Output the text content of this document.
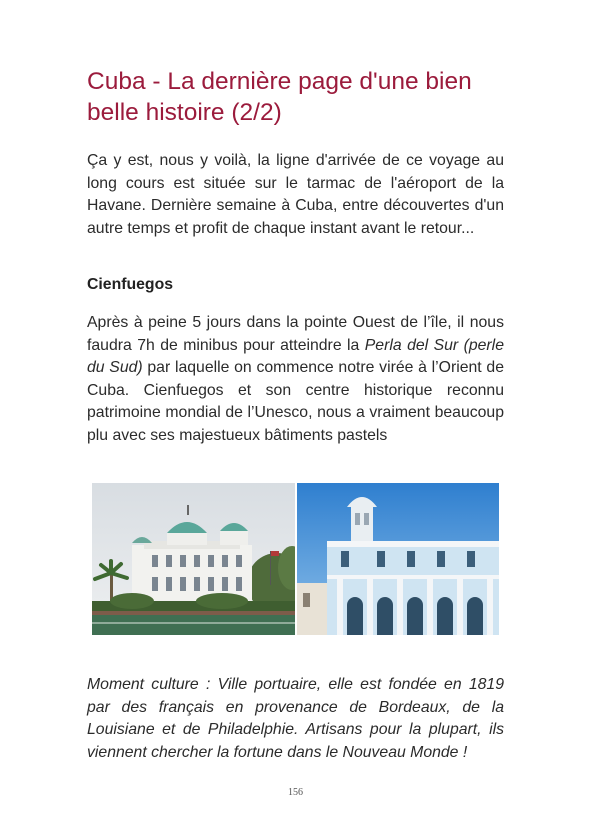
Cuba - La dernière page d'une bien belle histoire (2/2)

Ça y est, nous y voilà, la ligne d'arrivée de ce voyage au long cours est située sur le tarmac de l'aéroport de la Havane. Dernière semaine à Cuba, entre découvertes d'un autre temps et profit de chaque instant avant le retour...

Cienfuegos

Après à peine 5 jours dans la pointe Ouest de l’île, il nous faudra 7h de minibus pour atteindre la Perla del Sur (perle du Sud) par laquelle on commence notre virée à l’Orient de Cuba. Cienfuegos et son centre historique reconnu patrimoine mondial de l’Unesco, nous a vraiment beaucoup plu avec ses majestueux bâtiments pastels

Moment culture : Ville portuaire, elle est fondée en 1819 par des français en provenance de Bordeaux, de la Louisiane et de Philadelphie. Artisans pour la plupart, ils viennent chercher la fortune dans le Nouveau Monde !

156
